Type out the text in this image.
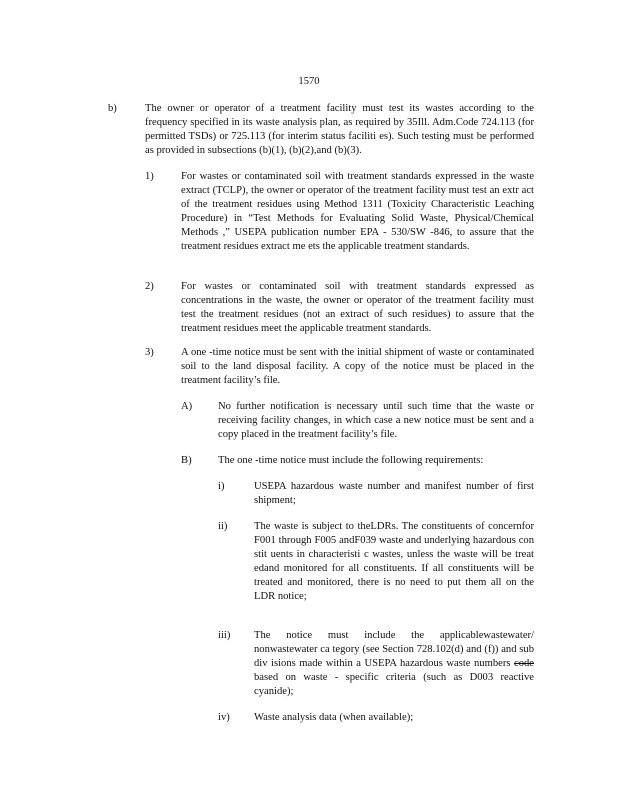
1570
b)	The owner or operator of a treatment facility must test its wastes according to the frequency specified in its waste analysis plan, as required by 35Ill. Adm.Code 724.113 (for permitted TSDs) or 725.113 (for interim status faciliti es). Such testing must be performed as provided in subsections (b)(1), (b)(2),and (b)(3).
1)	For wastes or contaminated soil with treatment standards expressed in the waste extract (TCLP), the owner or operator of the treatment facility must test an extr act of the treatment residues using Method 1311 (Toxicity Characteristic Leaching Procedure) in “Test Methods for Evaluating Solid Waste, Physical/Chemical Methods ,” USEPA publication number EPA - 530/SW -846, to assure that the treatment residues extract me ets the applicable treatment standards.
2)	For wastes or contaminated soil with treatment standards expressed as concentrations in the waste, the owner or operator of the treatment facility must test the treatment residues (not an extract of such residues) to assure that the treatment residues meet the applicable treatment standards.
3)	A one -time notice must be sent with the initial shipment of waste or contaminated soil to the land disposal facility. A copy of the notice must be placed in the treatment facility’s file.
A) No further notification is necessary until such time that the waste or receiving facility changes, in which case a new notice must be sent and a copy placed in the treatment facility’s file.
B) The one -time notice must include the following requirements:
i)	USEPA hazardous waste number and manifest number of first shipment;
ii)	The waste is subject to theLDRs. The constituents of concernfor F001 through F005 andF039 waste and underlying hazardous con stit uents in characteristi c wastes, unless the waste will be treat edand monitored for all constituents. If all constituents will be treated and monitored, there is no need to put them all on the LDR notice;
iii) The notice must include the applicablewastewater/ nonwastewater ca tegory (see Section 728.102(d) and (f)) and sub div isions made within a USEPA hazardous waste numbers code based on waste - specific criteria (such as D003 reactive cyanide);
iv) Waste analysis data (when available);
